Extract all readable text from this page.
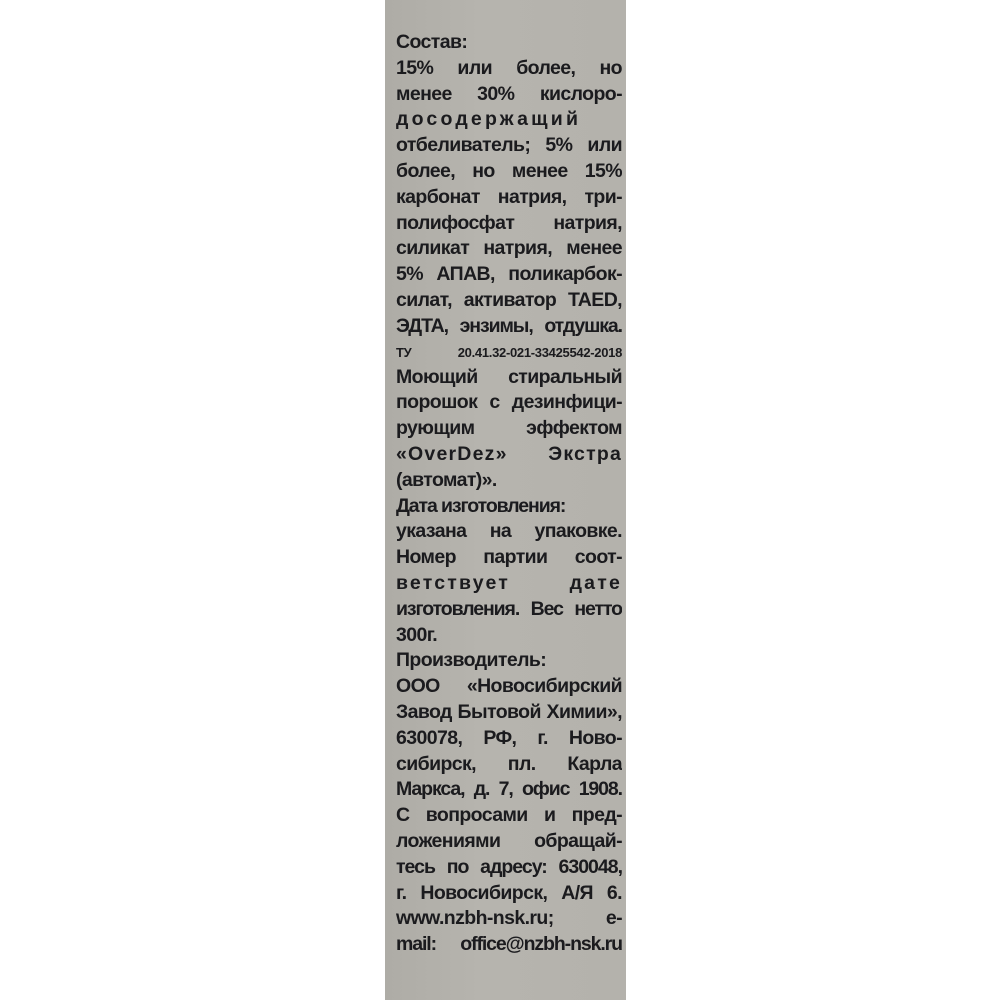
Состав:
15% или более, но
менее 30% кислоро-
досодержащий
отбеливатель; 5% или
более, но менее 15%
карбонат натрия, три-
полифосфат натрия,
силикат натрия, менее
5% АПАВ, поликарбок-
силат, активатор TAED,
ЭДТА, энзимы, отдушка.
ТУ 20.41.32-021-33425542-2018
Моющий стиральный
порошок с дезинфици-
рующим эффектом
«OverDez» Экстра
(автомат)».
Дата изготовления:
указана на упаковке.
Номер партии соот-
ветствует дате
изготовления. Вес нетто
300г.
Производитель:
ООО «Новосибирский
Завод Бытовой Химии»,
630078, РФ, г. Ново-
сибирск, пл. Карла
Маркса, д. 7, офис 1908.
С вопросами и пред-
ложениями обращай-
тесь по адресу: 630048,
г. Новосибирск, А/Я 6.
www.nzbh-nsk.ru; e-
mail: office@nzbh-nsk.ru
